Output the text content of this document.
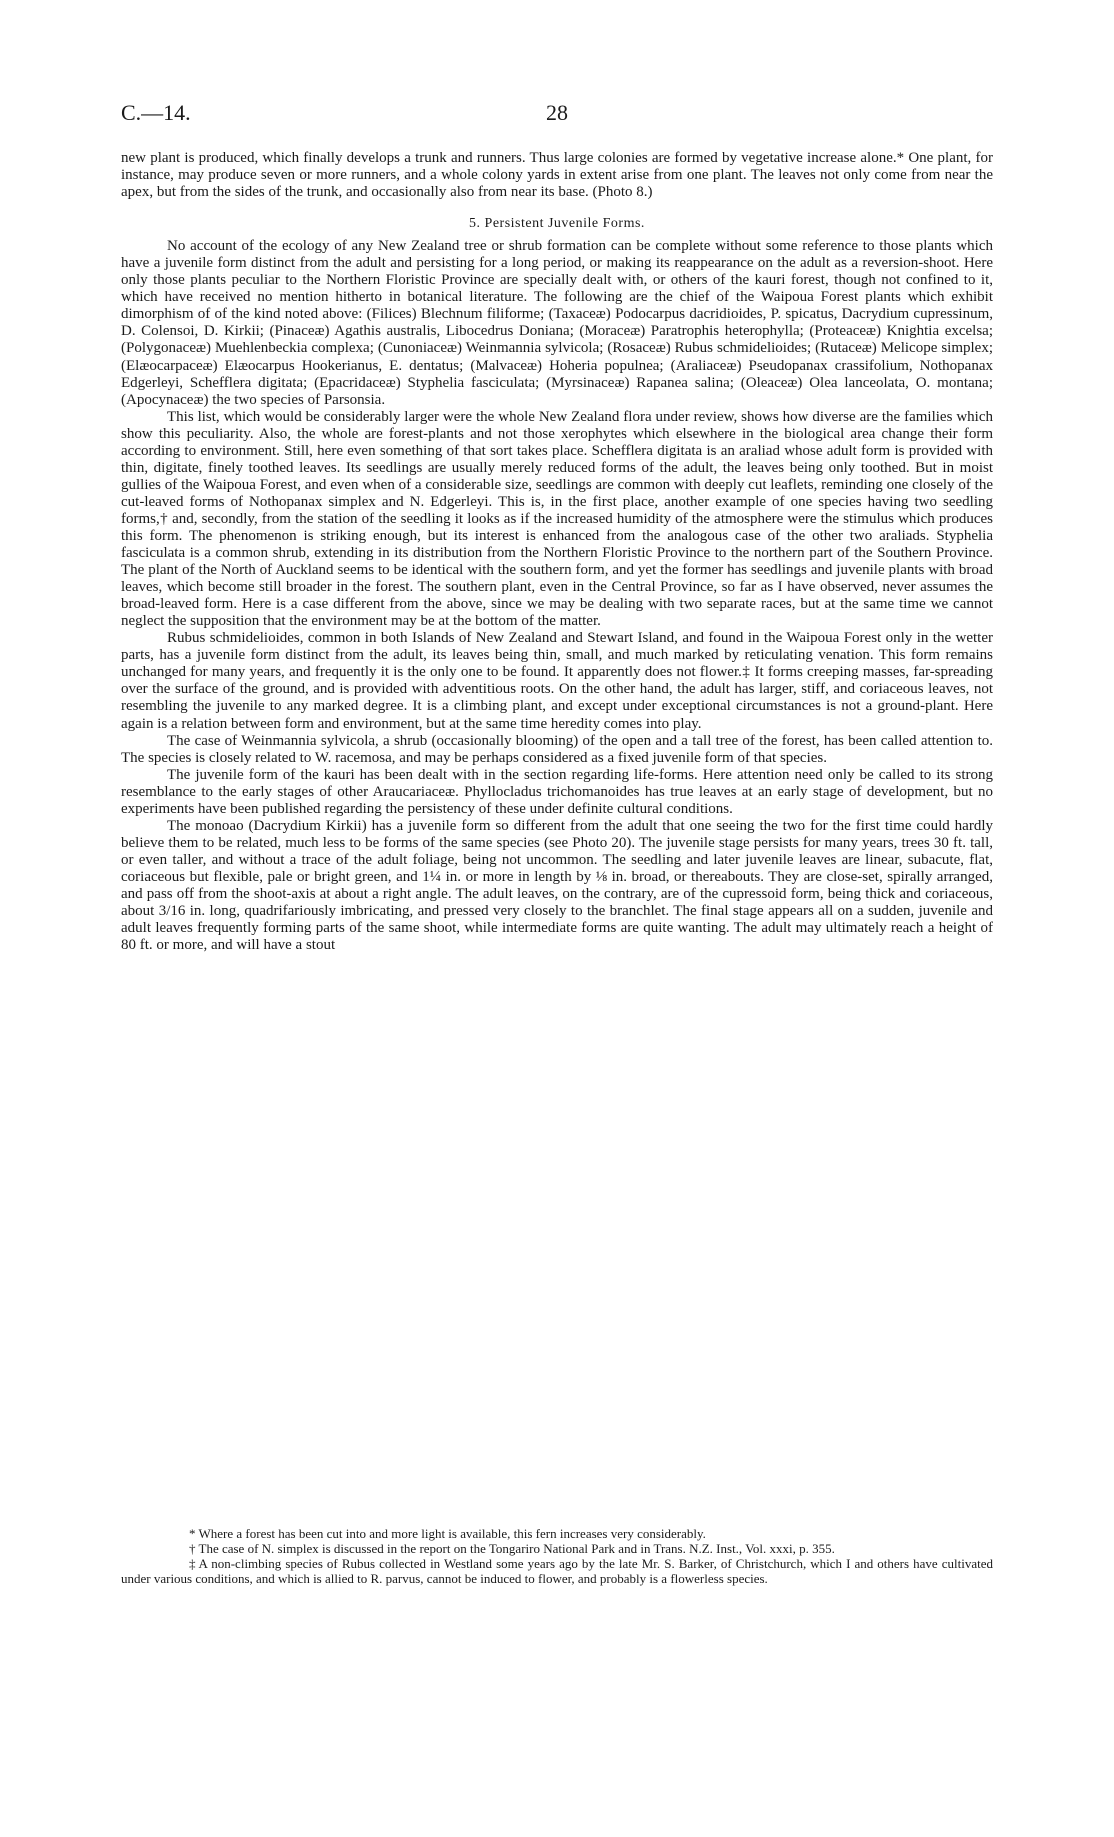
C.—14.	28

new plant is produced, which finally develops a trunk and runners. Thus large colonies are formed by vegetative increase alone.* One plant, for instance, may produce seven or more runners, and a whole colony yards in extent arise from one plant. The leaves not only come from near the apex, but from the sides of the trunk, and occasionally also from near its base. (Photo 8.)

5. Persistent Juvenile Forms.

No account of the ecology of any New Zealand tree or shrub formation can be complete without some reference to those plants which have a juvenile form distinct from the adult and persisting for a long period, or making its reappearance on the adult as a reversion-shoot. Here only those plants peculiar to the Northern Floristic Province are specially dealt with, or others of the kauri forest, though not confined to it, which have received no mention hitherto in botanical literature. The following are the chief of the Waipoua Forest plants which exhibit dimorphism of of the kind noted above: (Filices) Blechnum filiforme; (Taxaceæ) Podocarpus dacridioides, P. spicatus, Dacrydium cupressinum, D. Colensoi, D. Kirkii; (Pinaceæ) Agathis australis, Libocedrus Doniana; (Moraceæ) Paratrophis heterophylla; (Proteaceæ) Knightia excelsa; (Polygonaceæ) Muehlenbeckia complexa; (Cunoniaceæ) Weinmannia sylvicola; (Rosaceæ) Rubus schmidelioides; (Rutaceæ) Melicope simplex; (Elæocarpaceæ) Elæocarpus Hookerianus, E. dentatus; (Malvaceæ) Hoheria populnea; (Araliaceæ) Pseudopanax crassifolium, Nothopanax Edgerleyi, Schefflera digitata; (Epacridaceæ) Styphelia fasciculata; (Myrsinaceæ) Rapanea salina; (Oleaceæ) Olea lanceolata, O. montana; (Apocynaceæ) the two species of Parsonsia.

This list, which would be considerably larger were the whole New Zealand flora under review, shows how diverse are the families which show this peculiarity. Also, the whole are forest-plants and not those xerophytes which elsewhere in the biological area change their form according to environment. Still, here even something of that sort takes place. Schefflera digitata is an araliad whose adult form is provided with thin, digitate, finely toothed leaves. Its seedlings are usually merely reduced forms of the adult, the leaves being only toothed. But in moist gullies of the Waipoua Forest, and even when of a considerable size, seedlings are common with deeply cut leaflets, reminding one closely of the cut-leaved forms of Nothopanax simplex and N. Edgerleyi. This is, in the first place, another example of one species having two seedling forms,† and, secondly, from the station of the seedling it looks as if the increased humidity of the atmosphere were the stimulus which produces this form. The phenomenon is striking enough, but its interest is enhanced from the analogous case of the other two araliads. Styphelia fasciculata is a common shrub, extending in its distribution from the Northern Floristic Province to the northern part of the Southern Province. The plant of the North of Auckland seems to be identical with the southern form, and yet the former has seedlings and juvenile plants with broad leaves, which become still broader in the forest. The southern plant, even in the Central Province, so far as I have observed, never assumes the broad-leaved form. Here is a case different from the above, since we may be dealing with two separate races, but at the same time we cannot neglect the supposition that the environment may be at the bottom of the matter.

Rubus schmidelioides, common in both Islands of New Zealand and Stewart Island, and found in the Waipoua Forest only in the wetter parts, has a juvenile form distinct from the adult, its leaves being thin, small, and much marked by reticulating venation. This form remains unchanged for many years, and frequently it is the only one to be found. It apparently does not flower.‡ It forms creeping masses, far-spreading over the surface of the ground, and is provided with adventitious roots. On the other hand, the adult has larger, stiff, and coriaceous leaves, not resembling the juvenile to any marked degree. It is a climbing plant, and except under exceptional circumstances is not a ground-plant. Here again is a relation between form and environment, but at the same time heredity comes into play.

The case of Weinmannia sylvicola, a shrub (occasionally blooming) of the open and a tall tree of the forest, has been called attention to. The species is closely related to W. racemosa, and may be perhaps considered as a fixed juvenile form of that species.

The juvenile form of the kauri has been dealt with in the section regarding life-forms. Here attention need only be called to its strong resemblance to the early stages of other Araucariaceæ. Phyllocladus trichomanoides has true leaves at an early stage of development, but no experiments have been published regarding the persistency of these under definite cultural conditions.

The monoao (Dacrydium Kirkii) has a juvenile form so different from the adult that one seeing the two for the first time could hardly believe them to be related, much less to be forms of the same species (see Photo 20). The juvenile stage persists for many years, trees 30 ft. tall, or even taller, and without a trace of the adult foliage, being not uncommon. The seedling and later juvenile leaves are linear, subacute, flat, coriaceous but flexible, pale or bright green, and 1¼ in. or more in length by ⅛ in. broad, or thereabouts. They are close-set, spirally arranged, and pass off from the shoot-axis at about a right angle. The adult leaves, on the contrary, are of the cupressoid form, being thick and coriaceous, about 3/16 in. long, quadrifariously imbricating, and pressed very closely to the branchlet. The final stage appears all on a sudden, juvenile and adult leaves frequently forming parts of the same shoot, while intermediate forms are quite wanting. The adult may ultimately reach a height of 80 ft. or more, and will have a stout

* Where a forest has been cut into and more light is available, this fern increases very considerably.

† The case of N. simplex is discussed in the report on the Tongariro National Park and in Trans. N.Z. Inst., Vol. xxxi, p. 355.

‡ A non-climbing species of Rubus collected in Westland some years ago by the late Mr. S. Barker, of Christchurch, which I and others have cultivated under various conditions, and which is allied to R. parvus, cannot be induced to flower, and probably is a flowerless species.
